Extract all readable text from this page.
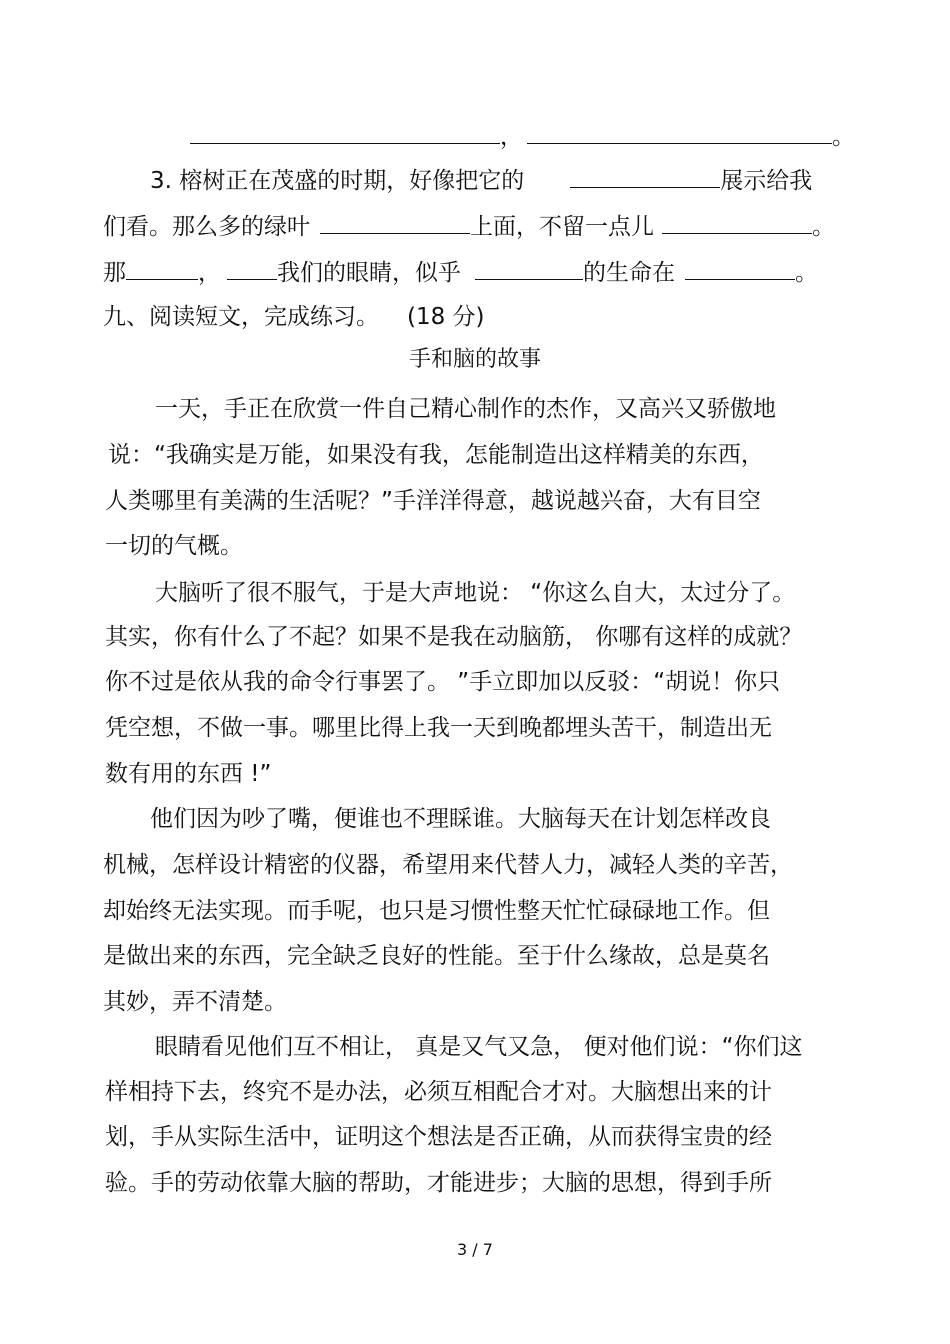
，	。
3. 榕树正在茂盛的时期，好像把它的	展示给我
们看。那么多的绿叶	上面，不留一点儿	。
那	， 我们的眼睛，似乎	的生命在	。
九、阅读短文，完成练习。 (18 分)
手和脑的故事
一天，手正在欣赏一件自己精心制作的杰作，又高兴又骄傲地
说：“我确实是万能，如果没有我，怎能制造出这样精美的东西，
人类哪里有美满的生活呢？”手洋洋得意，越说越兴奋，大有目空
一切的气概。
大脑听了很不服气，于是大声地说： “你这么自大，太过分了。
其实，你有什么了不起？如果不是我在动脑筋， 你哪有这样的成就？
你不过是依从我的命令行事罢了。 ”手立即加以反驳：“胡说！你只
凭空想，不做一事。哪里比得上我一天到晚都埋头苦干，制造出无
数有用的东西 !”
他们因为吵了嘴，便谁也不理睬谁。大脑每天在计划怎样改良
机械，怎样设计精密的仪器，希望用来代替人力，减轻人类的辛苦，
却始终无法实现。而手呢，也只是习惯性整天忙忙碌碌地工作。但
是做出来的东西，完全缺乏良好的性能。至于什么缘故，总是莫名
其妙，弄不清楚。
眼睛看见他们互不相让， 真是又气又急， 便对他们说：“你们这
样相持下去，终究不是办法，必须互相配合才对。大脑想出来的计
划，手从实际生活中，证明这个想法是否正确，从而获得宝贵的经
验。手的劳动依靠大脑的帮助，才能进步；大脑的思想，得到手所
3 / 7
